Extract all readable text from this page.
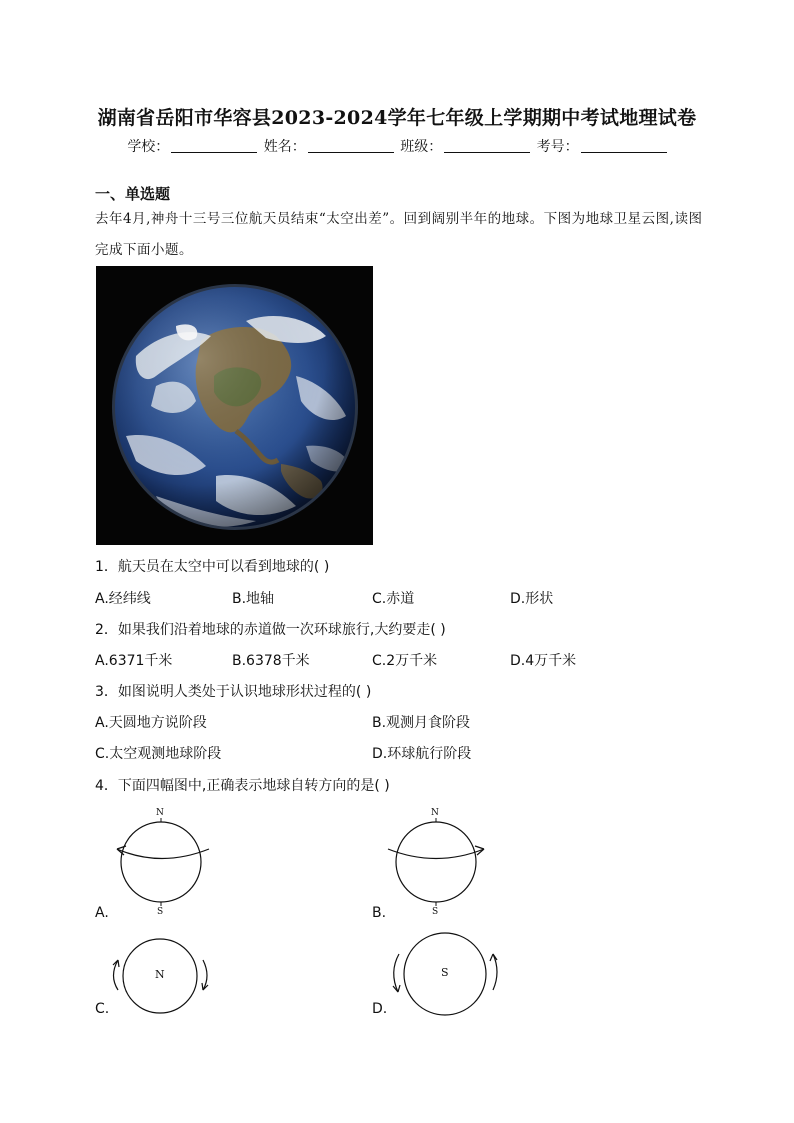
湖南省岳阳市华容县2023-2024学年七年级上学期期中考试地理试卷
学校：	姓名：	班级：	考号：
一、单选题
去年4月,神舟十三号三位航天员结束“太空出差”。回到阔别半年的地球。下图为地球卫星云图,读图完成下面小题。
1．航天员在太空中可以看到地球的( )
A.经纬线	B.地轴	C.赤道	D.形状
2．如果我们沿着地球的赤道做一次环球旅行,大约要走( )
A.6371千米	B.6378千米	C.2万千米	D.4万千米
3．如图说明人类处于认识地球形状过程的( )
A.天圆地方说阶段	B.观测月食阶段
C.太空观测地球阶段	D.环球航行阶段
4．下面四幅图中,正确表示地球自转方向的是( )
N
S
A.
N
S
B.
N
C.
S
D.
